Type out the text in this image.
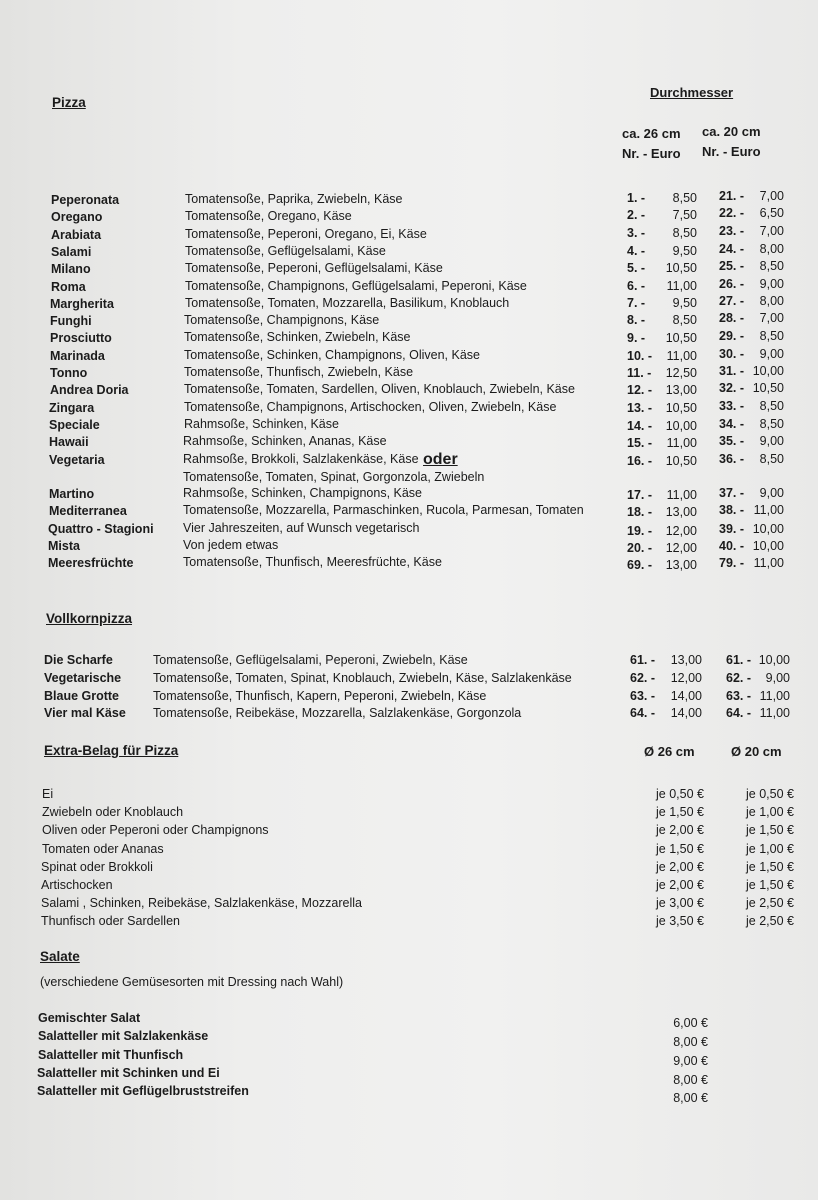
Pizza
Durchmesser
ca. 26 cm ca. 20 cm
Nr. - Euro Nr. - Euro
Peperonata	Tomatensoße, Paprika, Zwiebeln, Käse	1. -	8,50 21. -	7,00
Oregano	Tomatensoße, Oregano, Käse	2. -	7,50 22. -	6,50
Arabiata	Tomatensoße, Peperoni, Oregano, Ei, Käse	3. -	8,50 23. -	7,00
Salami	Tomatensoße, Geflügelsalami, Käse	4. -	9,50 24. -	8,00
Milano	Tomatensoße, Peperoni, Geflügelsalami, Käse	5. -	10,50 25. -	8,50
Roma	Tomatensoße, Champignons, Geflügelsalami, Peperoni, Käse	6. -	11,00 26. -	9,00
Margherita	Tomatensoße, Tomaten, Mozzarella, Basilikum, Knoblauch	7. -	9,50 27. -	8,00
Funghi	Tomatensoße, Champignons, Käse	8. -	8,50 28. -	7,00
Prosciutto	Tomatensoße, Schinken, Zwiebeln, Käse	9. -	10,50 29. -	8,50
Marinada	Tomatensoße, Schinken, Champignons, Oliven, Käse	10. -	11,00 30. -	9,00
Tonno	Tomatensoße, Thunfisch, Zwiebeln, Käse	11. -	12,50 31. - 10,00
Andrea Doria	Tomatensoße, Tomaten, Sardellen, Oliven, Knoblauch, Zwiebeln, Käse	12. -	13,00 32. - 10,50
Zingara	Tomatensoße, Champignons, Artischocken, Oliven, Zwiebeln, Käse	13. -	10,50 33. -	8,50
Speciale	Rahmsoße, Schinken, Käse	14. -	10,00 34. -	8,50
Hawaii	Rahmsoße, Schinken, Ananas, Käse	15. -	11,00 35. -	9,00
Vegetaria	Rahmsoße, Brokkoli, Salzlakenkäse, Käse oder	16. -	10,50 36. -	8,50
Tomatensoße, Tomaten, Spinat, Gorgonzola, Zwiebeln
Martino	Rahmsoße, Schinken, Champignons, Käse	17. -	11,00 37. -	9,00
Mediterranea	Tomatensoße, Mozzarella, Parmaschinken, Rucola, Parmesan, Tomaten	18. -	13,00 38. - 11,00
Quattro - Stagioni Vier Jahreszeiten, auf Wunsch vegetarisch	19. -	12,00 39. - 10,00
Mista	Von jedem etwas	20. -	12,00 40. - 10,00
Meeresfrüchte	Tomatensoße, Thunfisch, Meeresfrüchte, Käse	69. -	13,00 79. - 11,00
Vollkornpizza
Die Scharfe	Tomatensoße, Geflügelsalami, Peperoni, Zwiebeln, Käse	61. -	13,00 61. - 10,00
Vegetarische	Tomatensoße, Tomaten, Spinat, Knoblauch, Zwiebeln, Käse, Salzlakenkäse	62. -	12,00 62. -	9,00
Blaue Grotte	Tomatensoße, Thunfisch, Kapern, Peperoni, Zwiebeln, Käse	63. -	14,00 63. - 11,00
Vier mal Käse Tomatensoße, Reibekäse, Mozzarella, Salzlakenkäse, Gorgonzola	64. -	14,00 64. - 11,00
Extra-Belag für Pizza	Ø 26 cm	Ø 20 cm
Ei	je 0,50 €	je 0,50 €
Zwiebeln oder Knoblauch	je 1,50 €	je 1,00 €
Oliven oder Peperoni oder Champignons	je 2,00 €	je 1,50 €
Tomaten oder Ananas	je 1,50 €	je 1,00 €
Spinat oder Brokkoli	je 2,00 €	je 1,50 €
Artischocken	je 2,00 €	je 1,50 €
Salami , Schinken, Reibekäse, Salzlakenkäse, Mozzarella	je 3,00 €	je 2,50 €
Thunfisch oder Sardellen	je 3,50 €	je 2,50 €
Salate
(verschiedene Gemüsesorten mit Dressing nach Wahl)
Gemischter Salat	6,00 €
Salatteller mit Salzlakenkäse	8,00 €
Salatteller mit Thunfisch	9,00 €
Salatteller mit Schinken und Ei	8,00 €
Salatteller mit Geflügelbruststreifen	8,00 €
